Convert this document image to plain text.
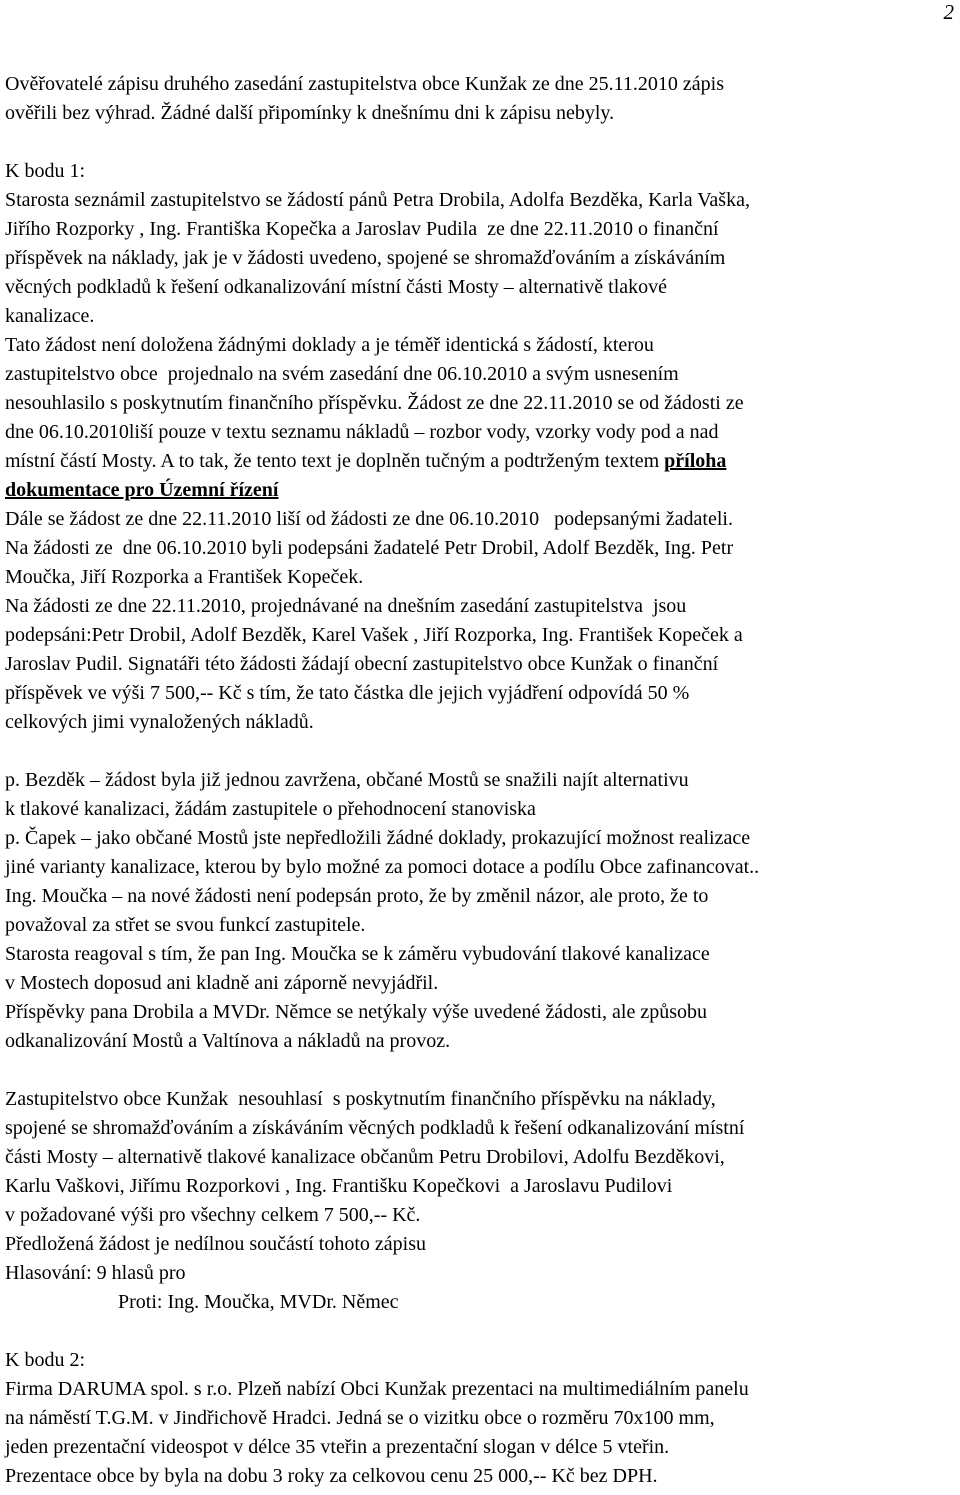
2
Ověřovatelé zápisu druhého zasedání zastupitelstva obce Kunžak ze dne 25.11.2010 zápis
ověřili bez výhrad. Žádné další připomínky k dnešnímu dni k zápisu nebyly.
K bodu 1:
Starosta seznámil zastupitelstvo se žádostí pánů Petra Drobila, Adolfa Bezděka, Karla Vaška,
Jiřího Rozporky , Ing. Františka Kopečka a Jaroslav Pudila  ze dne 22.11.2010 o finanční
příspěvek na náklady, jak je v žádosti uvedeno, spojené se shromažďováním a získáváním
věcných podkladů k řešení odkanalizování místní části Mosty – alternativě tlakové
kanalizace.
Tato žádost není doložena žádnými doklady a je téměř identická s žádostí, kterou
zastupitelstvo obce  projednalo na svém zasedání dne 06.10.2010 a svým usnesením
nesouhlasilo s poskytnutím finančního příspěvku. Žádost ze dne 22.11.2010 se od žádosti ze
dne 06.10.2010liší pouze v textu seznamu nákladů – rozbor vody, vzorky vody pod a nad
místní částí Mosty. A to tak, že tento text je doplněn tučným a podtrženým textem příloha
dokumentace pro Územní řízení
Dále se žádost ze dne 22.11.2010 liší od žádosti ze dne 06.10.2010   podepsanými žadateli.
Na žádosti ze  dne 06.10.2010 byli podepsáni žadatelé Petr Drobil, Adolf Bezděk, Ing. Petr
Moučka, Jiří Rozporka a František Kopeček.
Na žádosti ze dne 22.11.2010, projednávané na dnešním zasedání zastupitelstva  jsou
podepsáni:Petr Drobil, Adolf Bezděk, Karel Vašek , Jiří Rozporka, Ing. František Kopeček a
Jaroslav Pudil. Signatáři této žádosti žádají obecní zastupitelstvo obce Kunžak o finanční
příspěvek ve výši 7 500,-- Kč s tím, že tato částka dle jejich vyjádření odpovídá 50 %
celkových jimi vynaložených nákladů.
p. Bezděk – žádost byla již jednou zavržena, občané Mostů se snažili najít alternativu
k tlakové kanalizaci, žádám zastupitele o přehodnocení stanoviska
p. Čapek – jako občané Mostů jste nepředložili žádné doklady, prokazující možnost realizace
jiné varianty kanalizace, kterou by bylo možné za pomoci dotace a podílu Obce zafinancovat..
Ing. Moučka – na nové žádosti není podepsán proto, že by změnil názor, ale proto, že to
považoval za střet se svou funkcí zastupitele.
Starosta reagoval s tím, že pan Ing. Moučka se k záměru vybudování tlakové kanalizace
v Mostech doposud ani kladně ani záporně nevyjádřil.
Příspěvky pana Drobila a MVDr. Němce se netýkaly výše uvedené žádosti, ale způsobu
odkanalizování Mostů a Valtínova a nákladů na provoz.
Zastupitelstvo obce Kunžak  nesouhlasí  s poskytnutím finančního příspěvku na náklady,
spojené se shromažďováním a získáváním věcných podkladů k řešení odkanalizování místní
části Mosty – alternativě tlakové kanalizace občanům Petru Drobilovi, Adolfu Bezděkovi,
Karlu Vaškovi, Jiřímu Rozporkovi , Ing. Františku Kopečkovi  a Jaroslavu Pudilovi
v požadované výši pro všechny celkem 7 500,-- Kč.
Předložená žádost je nedílnou součástí tohoto zápisu
Hlasování: 9 hlasů pro
Proti: Ing. Moučka, MVDr. Němec
K bodu 2:
Firma DARUMA spol. s r.o. Plzeň nabízí Obci Kunžak prezentaci na multimediálním panelu
na náměstí T.G.M. v Jindřichově Hradci. Jedná se o vizitku obce o rozměru 70x100 mm,
jeden prezentační videospot v délce 35 vteřin a prezentační slogan v délce 5 vteřin.
Prezentace obce by byla na dobu 3 roky za celkovou cenu 25 000,-- Kč bez DPH.
